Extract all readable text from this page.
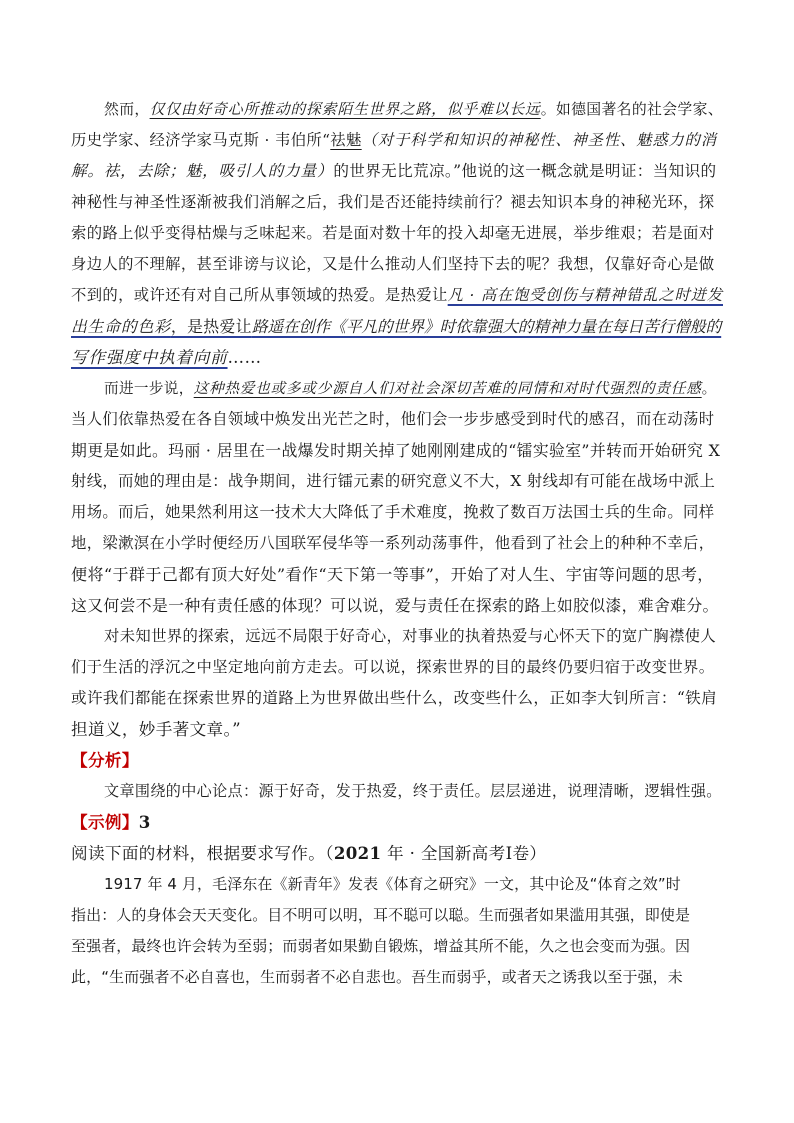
然而，仅仅由好奇心所推动的探索陌生世界之路，似乎难以长远。如德国著名的社会学家、
历史学家、经济学家马克斯 · 韦伯所“祛魅（对于科学和知识的神秘性、神圣性、魅惑力的消
解。祛，去除；魅，吸引人的力量）的世界无比荒凉。”他说的这一概念就是明证：当知识的
神秘性与神圣性逐渐被我们消解之后，我们是否还能持续前行？褪去知识本身的神秘光环，探
索的路上似乎变得枯燥与乏味起来。若是面对数十年的投入却毫无进展，举步维艰；若是面对
身边人的不理解，甚至诽谤与议论，又是什么推动人们坚持下去的呢？我想，仅靠好奇心是做
不到的，或许还有对自己所从事领域的热爱。是热爱让凡 · 高在饱受创伤与精神错乱之时迸发
出生命的色彩，是热爱让路遥在创作《平凡的世界》时依靠强大的精神力量在每日苦行僧般的
写作强度中执着向前……
而进一步说，这种热爱也或多或少源自人们对社会深切苦难的同情和对时代强烈的责任感。
当人们依靠热爱在各自领域中焕发出光芒之时，他们会一步步感受到时代的感召，而在动荡时
期更是如此。玛丽 · 居里在一战爆发时期关掉了她刚刚建成的“镭实验室”并转而开始研究 X
射线，而她的理由是：战争期间，进行镭元素的研究意义不大，X 射线却有可能在战场中派上
用场。而后，她果然利用这一技术大大降低了手术难度，挽救了数百万法国士兵的生命。同样
地，梁漱溟在小学时便经历八国联军侵华等一系列动荡事件，他看到了社会上的种种不幸后，
便将“于群于己都有顶大好处”看作“天下第一等事”，开始了对人生、宇宙等问题的思考，
这又何尝不是一种有责任感的体现？可以说，爱与责任在探索的路上如胶似漆，难舍难分。
对未知世界的探索，远远不局限于好奇心，对事业的执着热爱与心怀天下的宽广胸襟使人
们于生活的浮沉之中坚定地向前方走去。可以说，探索世界的目的最终仍要归宿于改变世界。
或许我们都能在探索世界的道路上为世界做出些什么，改变些什么，正如李大钊所言：“铁肩
担道义，妙手著文章。”
【分析】
文章围绕的中心论点：源于好奇，发于热爱，终于责任。层层递进，说理清晰，逻辑性强。
【示例】3
阅读下面的材料，根据要求写作。（2021 年 · 全国新高考Ⅰ卷）
1917 年 4 月，毛泽东在《新青年》发表《体育之研究》一文，其中论及“体育之效”时
指出：人的身体会天天变化。目不明可以明，耳不聪可以聪。生而强者如果滥用其强，即使是
至强者，最终也许会转为至弱；而弱者如果勤自锻炼，增益其所不能，久之也会变而为强。因
此，“生而强者不必自喜也，生而弱者不必自悲也。吾生而弱乎，或者天之诱我以至于强，未
